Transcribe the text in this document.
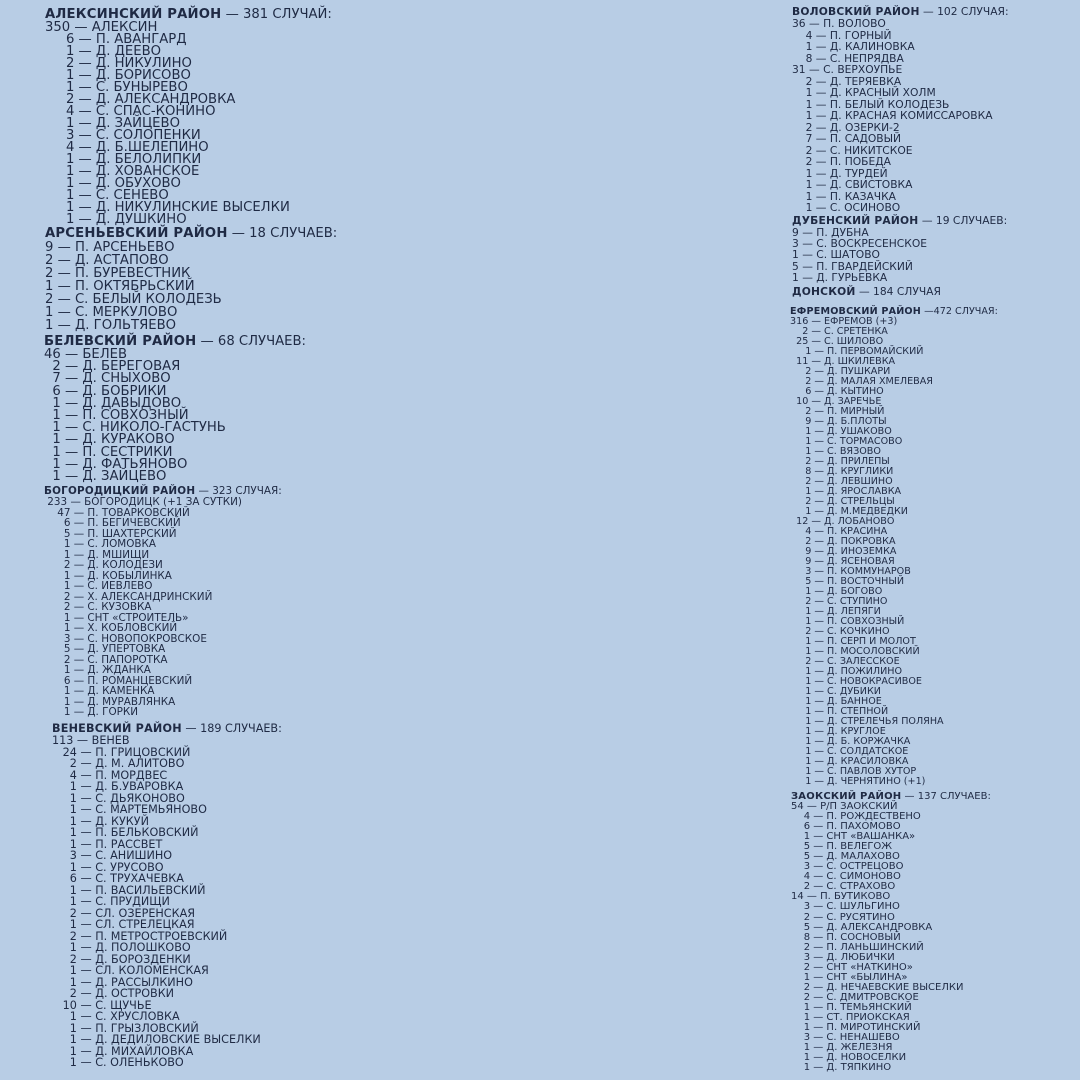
АЛЕКСИНСКИЙ РАЙОН — 381 СЛУЧАЙ:
350 — АЛЕКСИН
6 — П. АВАНГАРД
1 — Д. ДЕЕВО
2 — Д. НИКУЛИНО
1 — Д. БОРИСОВО
1 — С. БУНЫРЕВО
2 — Д. АЛЕКСАНДРОВКА
4 — С. СПАС-КОНИНО
1 — Д. ЗАЙЦЕВО
3 — С. СОЛОПЕНКИ
4 — Д. Б.ШЕЛЕПИНО
1 — Д. БЕЛОЛИПКИ
1 — Д. ХОВАНСКОЕ
1 — Д. ОБУХОВО
1 — С. СЕНЕВО
1 — Д. НИКУЛИНСКИЕ ВЫСЕЛКИ
1 — Д. ДУШКИНО
АРСЕНЬЕВСКИЙ РАЙОН — 18 СЛУЧАЕВ:
9 — П. АРСЕНЬЕВО
2 — Д. АСТАПОВО
2 — П. БУРЕВЕСТНИК
1 — П. ОКТЯБРЬСКИЙ
2 — С. БЕЛЫЙ КОЛОДЕЗЬ
1 — С. МЕРКУЛОВО
1 — Д. ГОЛЬТЯЕВО
БЕЛЕВСКИЙ РАЙОН — 68 СЛУЧАЕВ:
46 — БЕЛЕВ
2 — Д. БЕРЕГОВАЯ
7 — Д. СНЫХОВО
6 — Д. БОБРИКИ
1 — Д. ДАВЫДОВО
1 — П. СОВХОЗНЫЙ
1 — С. НИКОЛО-ГАСТУНЬ
1 — Д. КУРАКОВО
1 — П. СЕСТРИКИ
1 — Д. ФАТЬЯНОВО
1 — Д. ЗАЙЦЕВО
БОГОРОДИЦКИЙ РАЙОН — 323 СЛУЧАЯ:
233 — БОГОРОДИЦК (+1 ЗА СУТКИ)
47 — П. ТОВАРКОВСКИЙ
6 — П. БЕГИЧЕВСКИЙ
5 — П. ШАХТЕРСКИЙ
1 — С. ЛОМОВКА
1 — Д. МШИЩИ
2 — Д. КОЛОДЕЗИ
1 — Д. КОБЫЛИНКА
1 — С. ИЕВЛЕВО
2 — Х. АЛЕКСАНДРИНСКИЙ
2 — С. КУЗОВКА
1 — СНТ «СТРОИТЕЛЬ»
1 — Х. КОБЛОВСКИЙ
3 — С. НОВОПОКРОВСКОЕ
5 — Д. УПЕРТОВКА
2 — С. ПАПОРОТКА
1 — Д. ЖДАНКА
6 — П. РОМАНЦЕВСКИЙ
1 — Д. КАМЕНКА
1 — Д. МУРАВЛЯНКА
1 — Д. ГОРКИ
ВЕНЕВСКИЙ РАЙОН — 189 СЛУЧАЕВ:
113 — ВЕНЕВ
24 — П. ГРИЦОВСКИЙ
2 — Д. М. АЛИТОВО
4 — П. МОРДВЕС
1 — Д. Б.УВАРОВКА
1 — С. ДЬЯКОНОВО
1 — С. МАРТЕМЬЯНОВО
1 — Д. КУКУЙ
1 — П. БЕЛЬКОВСКИЙ
1 — П. РАССВЕТ
3 — С. АНИШИНО
1 — С. УРУСОВО
6 — С. ТРУХАЧЕВКА
1 — П. ВАСИЛЬЕВСКИЙ
1 — С. ПРУДИЩИ
2 — СЛ. ОЗЕРЕНСКАЯ
1 — СЛ. СТРЕЛЕЦКАЯ
2 — П. МЕТРОСТРОЕВСКИЙ
1 — Д. ПОЛОШКОВО
2 — Д. БОРОЗДЕНКИ
1 — СЛ. КОЛОМЕНСКАЯ
1 — Д. РАССЫЛКИНО
2 — Д. ОСТРОВКИ
10 — С. ЩУЧЬЕ
1 — С. ХРУСЛОВКА
1 — П. ГРЫЗЛОВСКИЙ
1 — Д. ДЕДИЛОВСКИЕ ВЫСЕЛКИ
1 — Д. МИХАЙЛОВКА
1 — С. ОЛЕНЬКОВО
ВОЛОВСКИЙ РАЙОН — 102 СЛУЧАЯ:
36 — П. ВОЛОВО
4 — П. ГОРНЫЙ
1 — Д. КАЛИНОВКА
8 — С. НЕПРЯДВА
31 — С. ВЕРХОУПЬЕ
2 — Д. ТЕРЯЕВКА
1 — Д. КРАСНЫЙ ХОЛМ
1 — П. БЕЛЫЙ КОЛОДЕЗЬ
1 — Д. КРАСНАЯ КОМИССАРОВКА
2 — Д. ОЗЕРКИ-2
7 — П. САДОВЫЙ
2 — С. НИКИТСКОЕ
2 — П. ПОБЕДА
1 — Д. ТУРДЕЙ
1 — Д. СВИСТОВКА
1 — П. КАЗАЧКА
1 — С. ОСИНОВО
ДУБЕНСКИЙ РАЙОН — 19 СЛУЧАЕВ:
9 — П. ДУБНА
3 — С. ВОСКРЕСЕНСКОЕ
1 — С. ШАТОВО
5 — П. ГВАРДЕЙСКИЙ
1 — Д. ГУРЬЕВКА
ДОНСКОЙ — 184 СЛУЧАЯ
ЕФРЕМОВСКИЙ РАЙОН —472 СЛУЧАЯ:
316 — ЕФРЕМОВ (+3)
2 — С. СРЕТЕНКА
25 — С. ШИЛОВО
1 — П. ПЕРВОМАЙСКИЙ
11 — Д. ШКИЛЕВКА
2 — Д. ПУШКАРИ
2 — Д. МАЛАЯ ХМЕЛЕВАЯ
6 — Д. КЫТИНО
10 — Д. ЗАРЕЧЬЕ
2 — П. МИРНЫЙ
9 — Д. Б.ПЛОТЫ
1 — Д. УШАКОВО
1 — С. ТОРМАСОВО
1 — С. ВЯЗОВО
2 — Д. ПРИЛЕПЫ
8 — Д. КРУГЛИКИ
2 — Д. ЛЕВШИНО
1 — Д. ЯРОСЛАВКА
2 — Д. СТРЕЛЬЦЫ
1 — Д. М.МЕДВЕДКИ
12 — Д. ЛОБАНОВО
4 — П. КРАСИНА
2 — Д. ПОКРОВКА
9 — Д. ИНОЗЕМКА
9 — Д. ЯСЕНОВАЯ
3 — П. КОММУНАРОВ
5 — П. ВОСТОЧНЫЙ
1 — Д. БОГОВО
2 — С. СТУПИНО
1 — Д. ЛЕПЯГИ
1 — П. СОВХОЗНЫЙ
2 — С. КОЧКИНО
1 — П. СЕРП И МОЛОТ
1 — П. МОСОЛОВСКИЙ
2 — С. ЗАЛЕССКОЕ
1 — Д. ПОЖИЛИНО
1 — С. НОВОКРАСИВОЕ
1 — С. ДУБИКИ
1 — Д. БАННОЕ
1 — П. СТЕПНОЙ
1 — Д. СТРЕЛЕЧЬЯ ПОЛЯНА
1 — Д. КРУГЛОЕ
1 — Д. Б. КОРЖАЧКА
1 — С. СОЛДАТСКОЕ
1 — Д. КРАСИЛОВКА
1 — С. ПАВЛОВ ХУТОР
1 — Д. ЧЕРНЯТИНО (+1)
ЗАОКСКИЙ РАЙОН — 137 СЛУЧАЕВ:
54 — Р/П ЗАОКСКИЙ
4 — П. РОЖДЕСТВЕНО
6 — П. ПАХОМОВО
1 — СНТ «ВАШАНКА»
5 — П. ВЕЛЕГОЖ
5 — Д. МАЛАХОВО
3 — С. ОСТРЕЦОВО
4 — С. СИМОНОВО
2 — С. СТРАХОВО
14 — П. БУТИКОВО
3 — С. ШУЛЬГИНО
2 — С. РУСЯТИНО
5 — Д. АЛЕКСАНДРОВКА
8 — П. СОСНОВЫЙ
2 — П. ЛАНЬШИНСКИЙ
3 — Д. ЛЮБИЧКИ
2 — СНТ «НАТКИНО»
1 — СНТ «БЫЛИНА»
2 — Д. НЕЧАЕВСКИЕ ВЫСЕЛКИ
2 — С. ДМИТРОВСКОЕ
1 — П. ТЕМЬЯНСКИЙ
1 — СТ. ПРИОКСКАЯ
1 — П. МИРОТИНСКИЙ
3 — С. НЕНАШЕВО
1 — Д. ЖЕЛЕЗНЯ
1 — Д. НОВОСЕЛКИ
1 — Д. ТЯПКИНО
